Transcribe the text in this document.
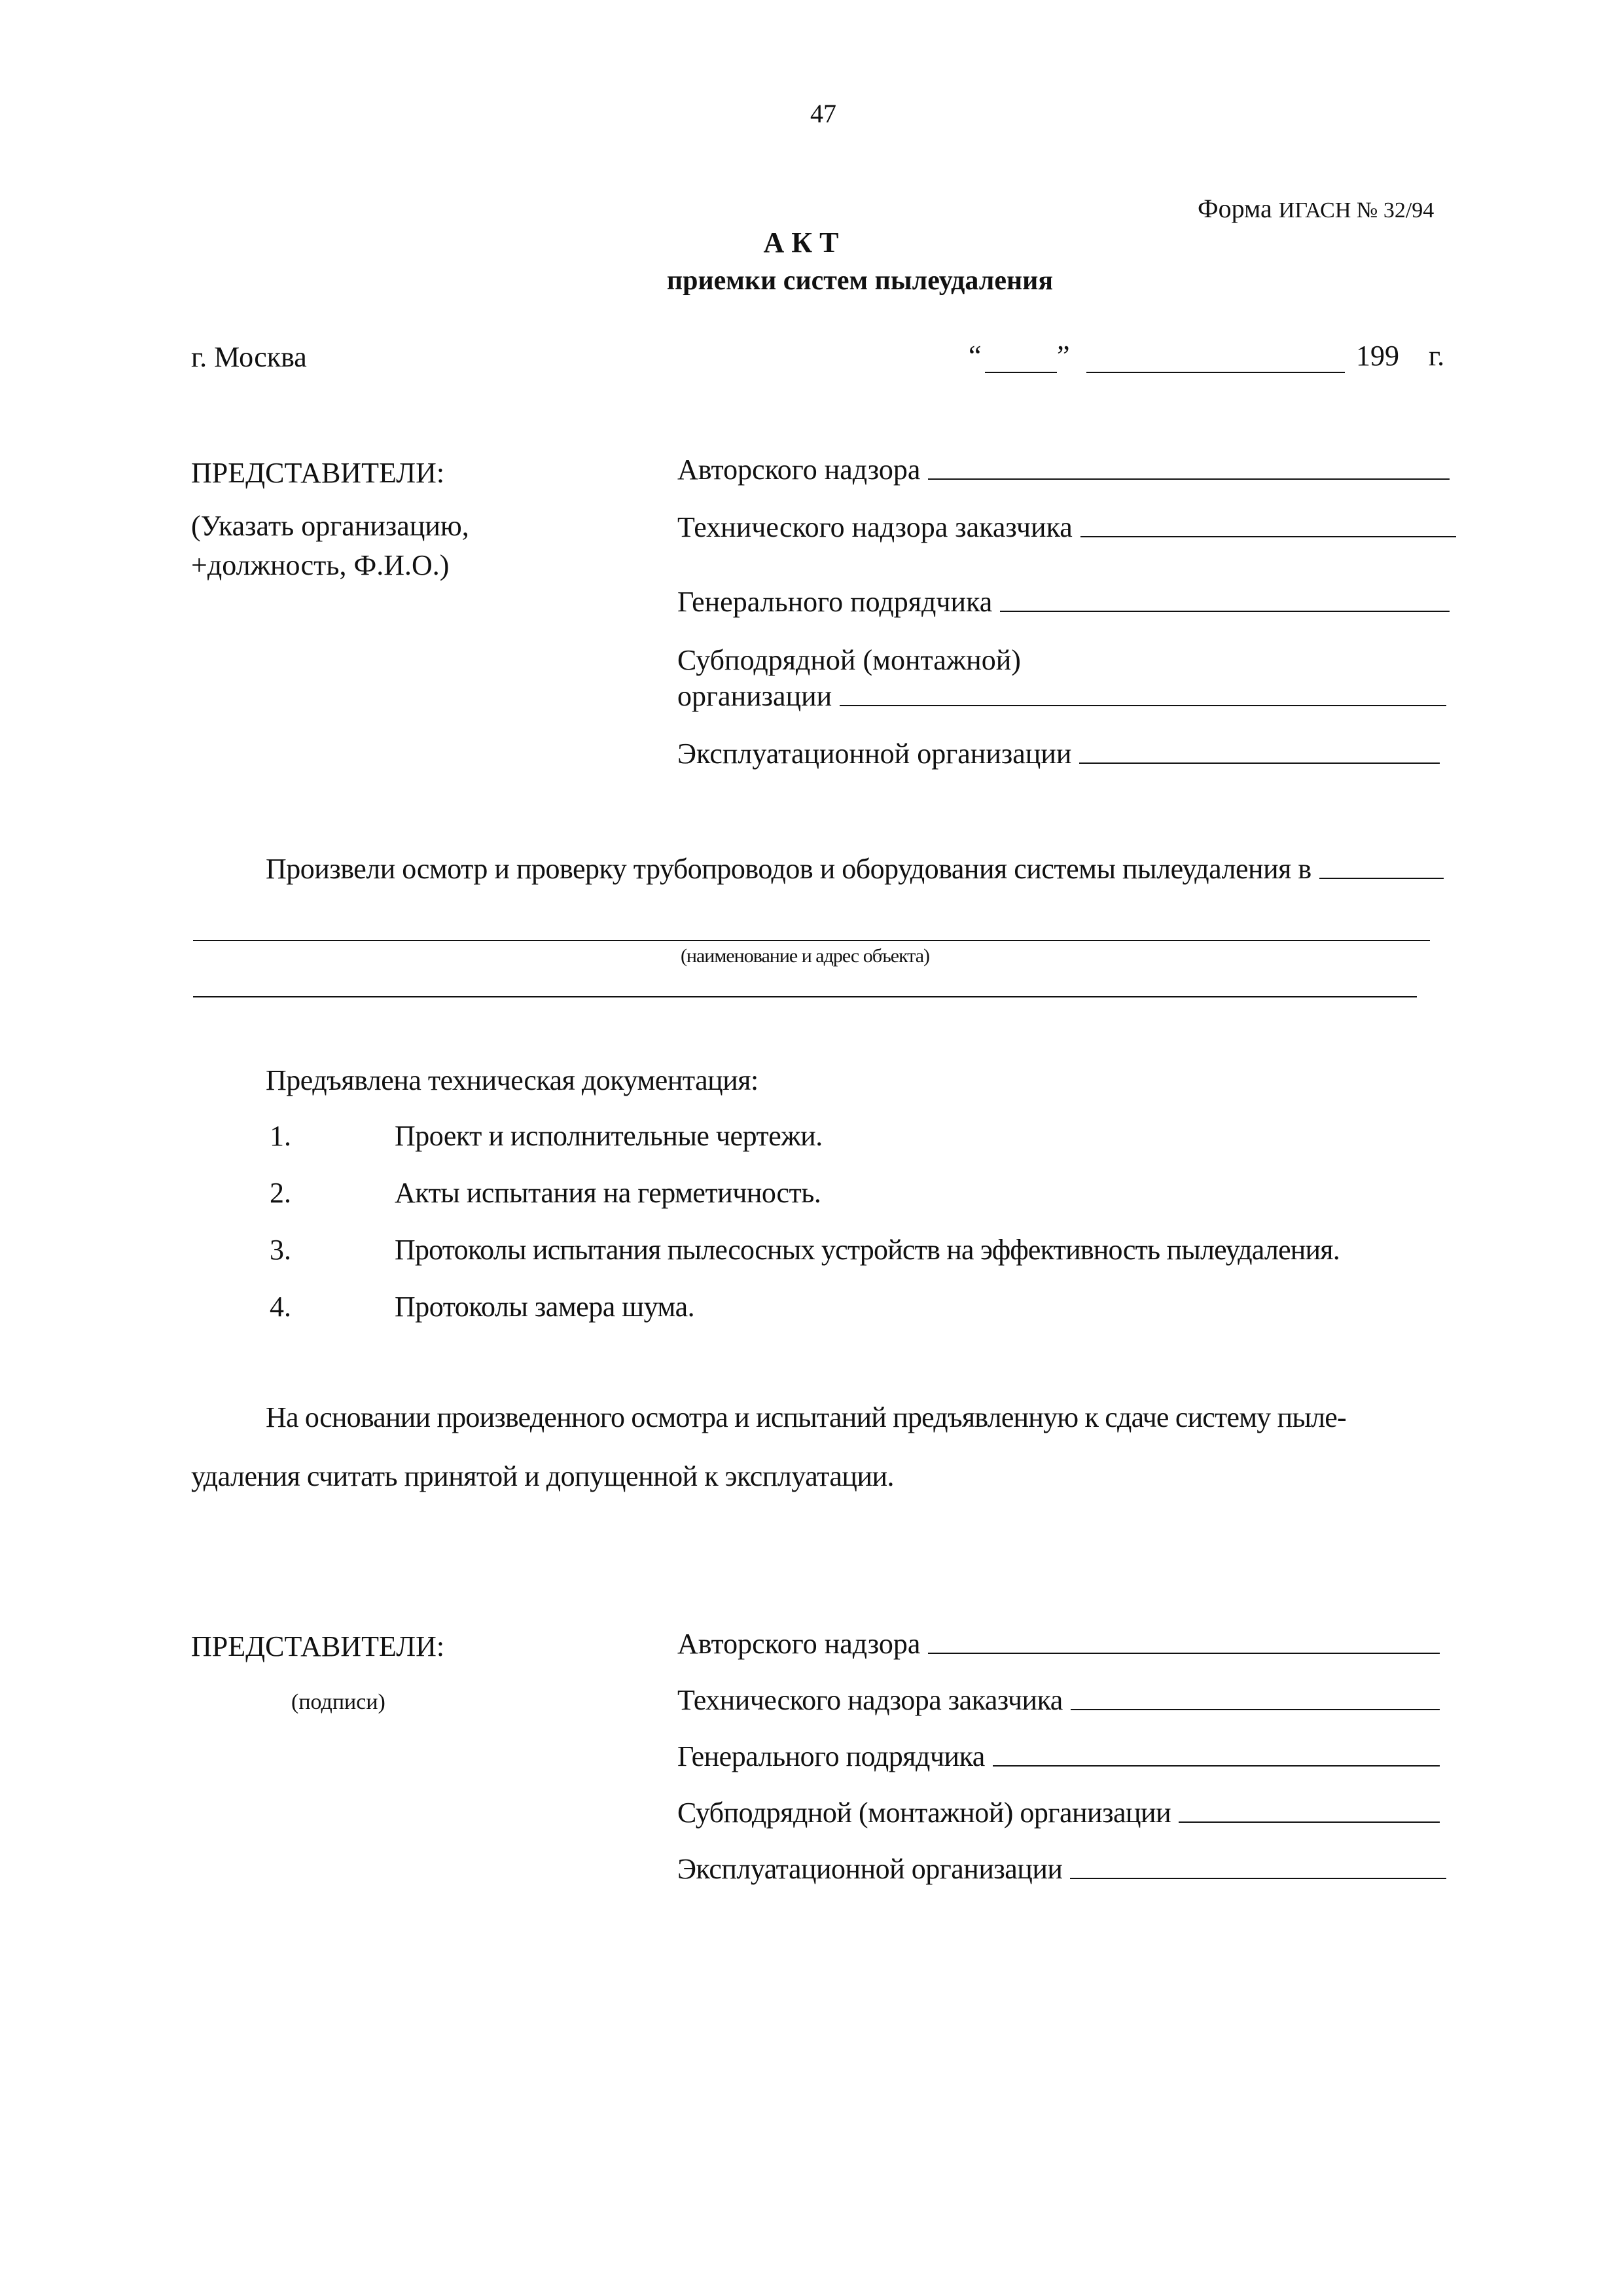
47
Форма ИГАСН № 32/94
А К Т
приемки систем пылеудаления
г. Москва	“	”	199 г.
ПРЕДСТАВИТЕЛИ:
(Указать организацию,
+должность, Ф.И.О.)
Авторского надзора
Технического надзора заказчика
Генерального подрядчика
Субподрядной (монтажной)
организации
Эксплуатационной организации
Произвели осмотр и проверку трубопроводов и оборудования системы пылеудаления в
(наименование и адрес объекта)
Предъявлена техническая документация:
1.	Проект и исполнительные чертежи.
2.	Акты испытания на герметичность.
3.	Протоколы испытания пылесосных устройств на эффективность пылеудаления.
4.	Протоколы замера шума.
На основании произведенного осмотра и испытаний предъявленную к сдаче систему пыле-
удаления считать принятой и допущенной к эксплуатации.
ПРЕДСТАВИТЕЛИ:
(подписи)
Авторского надзора
Технического надзора заказчика
Генерального подрядчика
Субподрядной (монтажной) организации
Эксплуатационной организации
